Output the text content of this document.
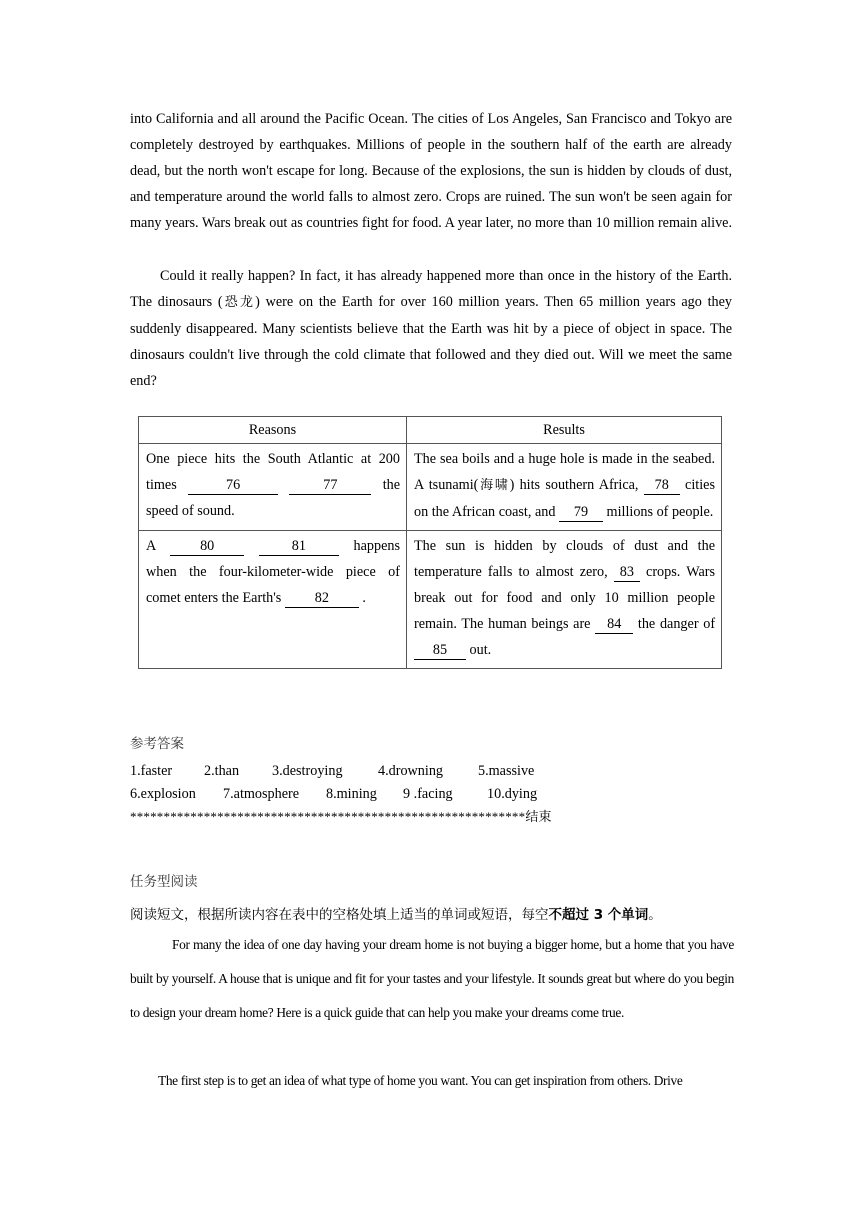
into California and all around the Pacific Ocean. The cities of Los Angeles, San Francisco and Tokyo are completely destroyed by earthquakes. Millions of people in the southern half of the earth are already dead, but the north won't escape for long. Because of the explosions, the sun is hidden by clouds of dust, and temperature around the world falls to almost zero. Crops are ruined. The sun won't be seen again for many years. Wars break out as countries fight for food. A year later, no more than 10 million remain alive.

Could it really happen? In fact, it has already happened more than once in the history of the Earth. The dinosaurs (恐龙) were on the Earth for over 160 million years. Then 65 million years ago they suddenly disappeared. Many scientists believe that the Earth was hit by a piece of object in space. The dinosaurs couldn't live through the cold climate that followed and they died out. Will we meet the same end?

Reasons	Results
One piece hits the South Atlantic at 200 times 76 77 the speed of sound.	The sea boils and a huge hole is made in the seabed. A tsunami(海啸) hits southern Africa, 78 cities on the African coast, and 79 millions of people.
A 80 81 happens when the four-kilometer-wide piece of comet enters the Earth's 82 .	The sun is hidden by clouds of dust and the temperature falls to almost zero, 83 crops. Wars break out for food and only 10 million people remain. The human beings are 84 the danger of 85 out.
参考答案
1.faster 2.than 3.destroying 4.drowning 5.massive
6.explosion 7.atmosphere 8.mining 9 .facing 10.dying
***********************************************************结束
任务型阅读
阅读短文，根据所读内容在表中的空格处填上适当的单词或短语，每空不超过 3 个单词。

For many the idea of one day having your dream home is not buying a bigger home, but a home that you have built by yourself. A house that is unique and fit for your tastes and your lifestyle. It sounds great but where do you begin to design your dream home? Here is a quick guide that can help you make your dreams come true.

The first step is to get an idea of what type of home you want. You can get inspiration from others. Drive
